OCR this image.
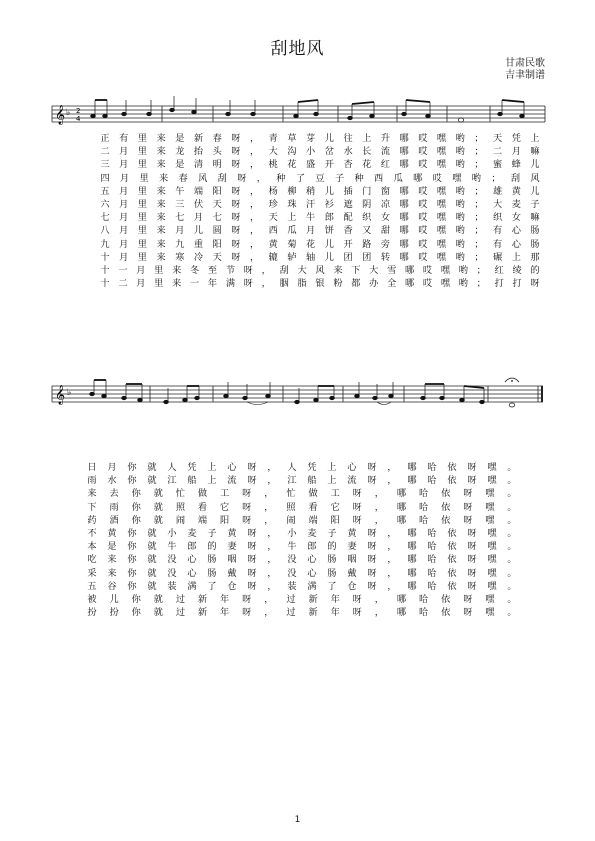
刮地风
甘肃民歌
吉聿制谱
𝄞 ♭ 2
4
正 有 里 来 是 新 春 呀 ， 青 草 芽 儿 往 上 升 哪 哎 嘿 哟 ； 天 凭 上
二 月 里 来 龙 抬 头 呀 ， 大 沟 小 岔 水 长 流 哪 哎 嘿 哟 ； 二 月 嘛
三 月 里 来 是 清 明 呀 ， 桃 花 盛 开 杏 花 红 哪 哎 嘿 哟 ； 蜜 蜂 儿
四 月 里 来 春 风 刮 呀 ， 种 了 豆 子 种 西 瓜 哪 哎 嘿 哟 ； 刮 风
五 月 里 来 午 端 阳 呀 ， 杨 柳 稍 儿 插 门 窗 哪 哎 嘿 哟 ； 雄 黄 儿
六 月 里 来 三 伏 天 呀 ， 珍 珠 汗 衫 遮 阴 凉 哪 哎 嘿 哟 ； 大 麦 子
七 月 里 来 七 月 七 呀 ， 天 上 牛 郎 配 织 女 哪 哎 嘿 哟 ； 织 女 嘛
八 月 里 来 月 儿 圆 呀 ， 西 瓜 月 饼 香 又 甜 哪 哎 嘿 哟 ； 有 心 肠
九 月 里 来 九 重 阳 呀 ， 黄 菊 花 儿 开 路 旁 哪 哎 嘿 哟 ； 有 心 肠
十 月 里 来 寒 冷 天 呀 ， 辘 轳 轴 儿 团 团 转 哪 哎 嘿 哟 ； 碾 上 那
十 一 月 里 来 冬 至 节 呀 ， 刮 大 风 来 下 大 雪 哪 哎 嘿 哟 ； 红 绫 的
十 二 月 里 来 一 年 满 呀 ， 胭 脂 银 粉 都 办 全 哪 哎 嘿 哟 ； 打 打 呀
𝄞 ♭
日 月 你 就 人 凭 上 心 呀 ， 人 凭 上 心 呀 ， 哪 哈 依 呀 嘿 。
雨 水 你 就 江 船 上 流 呀 ， 江 船 上 流 呀 ， 哪 哈 依 呀 嘿 。
来 去 你 就 忙 做 工 呀 ， 忙 做 工 呀 ， 哪 哈 依 呀 嘿 。
下 雨 你 就 照 看 它 呀 ， 照 看 它 呀 ， 哪 哈 依 呀 嘿 。
药 酒 你 就 闹 端 阳 呀 ， 闹 端 阳 呀 ， 哪 哈 依 呀 嘿 。
不 黄 你 就 小 麦 子 黄 呀 ， 小 麦 子 黄 呀 ， 哪 哈 依 呀 嘿 。
本 是 你 就 牛 郎 的 妻 呀 ， 牛 郎 的 妻 呀 ， 哪 哈 依 呀 嘿 。
吃 来 你 就 没 心 肠 咽 呀 ， 没 心 肠 咽 呀 ， 哪 哈 依 呀 嘿 。
采 来 你 就 没 心 肠 戴 呀 ， 没 心 肠 戴 呀 ， 哪 哈 依 呀 嘿 。
五 谷 你 就 装 满 了 仓 呀 ， 装 满 了 仓 呀 ， 哪 哈 依 呀 嘿 。
被 儿 你 就 过 新 年 呀 ， 过 新 年 呀 ， 哪 哈 依 呀 嘿 。
扮 扮 你 就 过 新 年 呀 ， 过 新 年 呀 ， 哪 哈 依 呀 嘿 。
1
